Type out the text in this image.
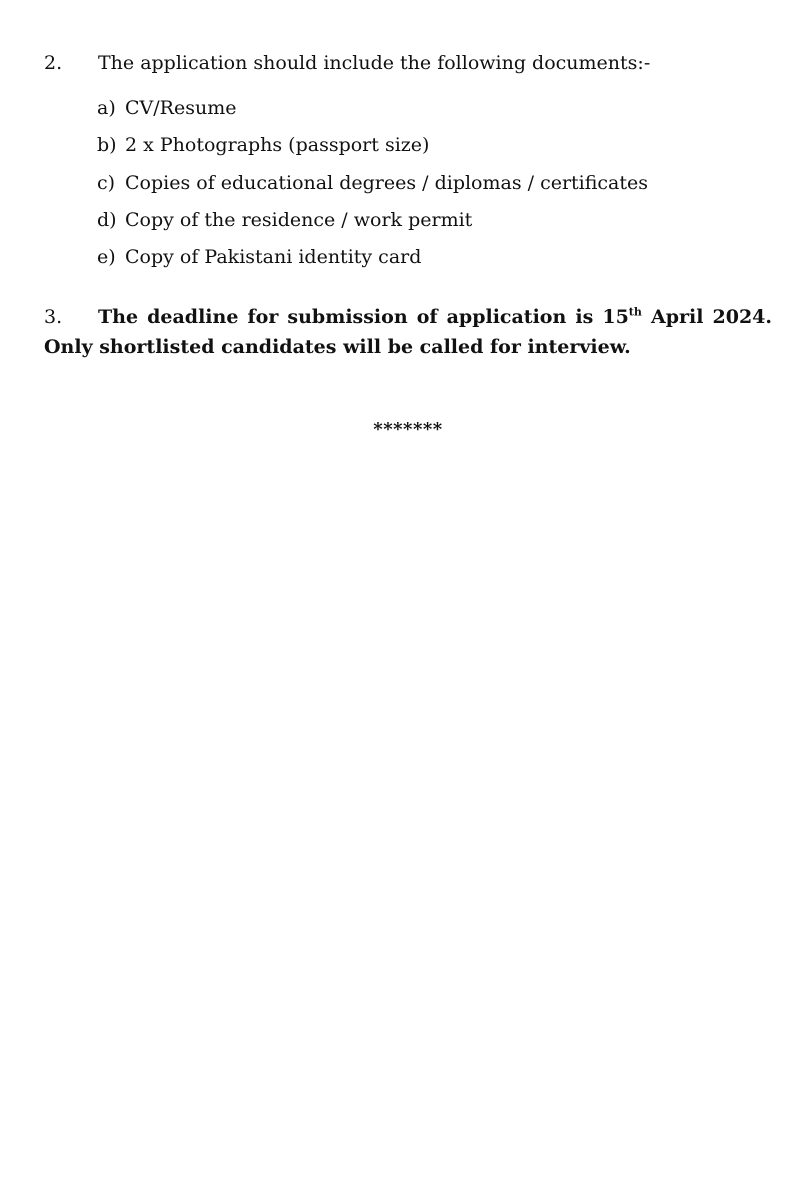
2. The application should include the following documents:-
a) CV/Resume
b) 2 x Photographs (passport size)
c) Copies of educational degrees / diplomas / certificates
d) Copy of the residence / work permit
e) Copy of Pakistani identity card
3. The deadline for submission of application is 15th April 2024. Only shortlisted candidates will be called for interview.
*******
